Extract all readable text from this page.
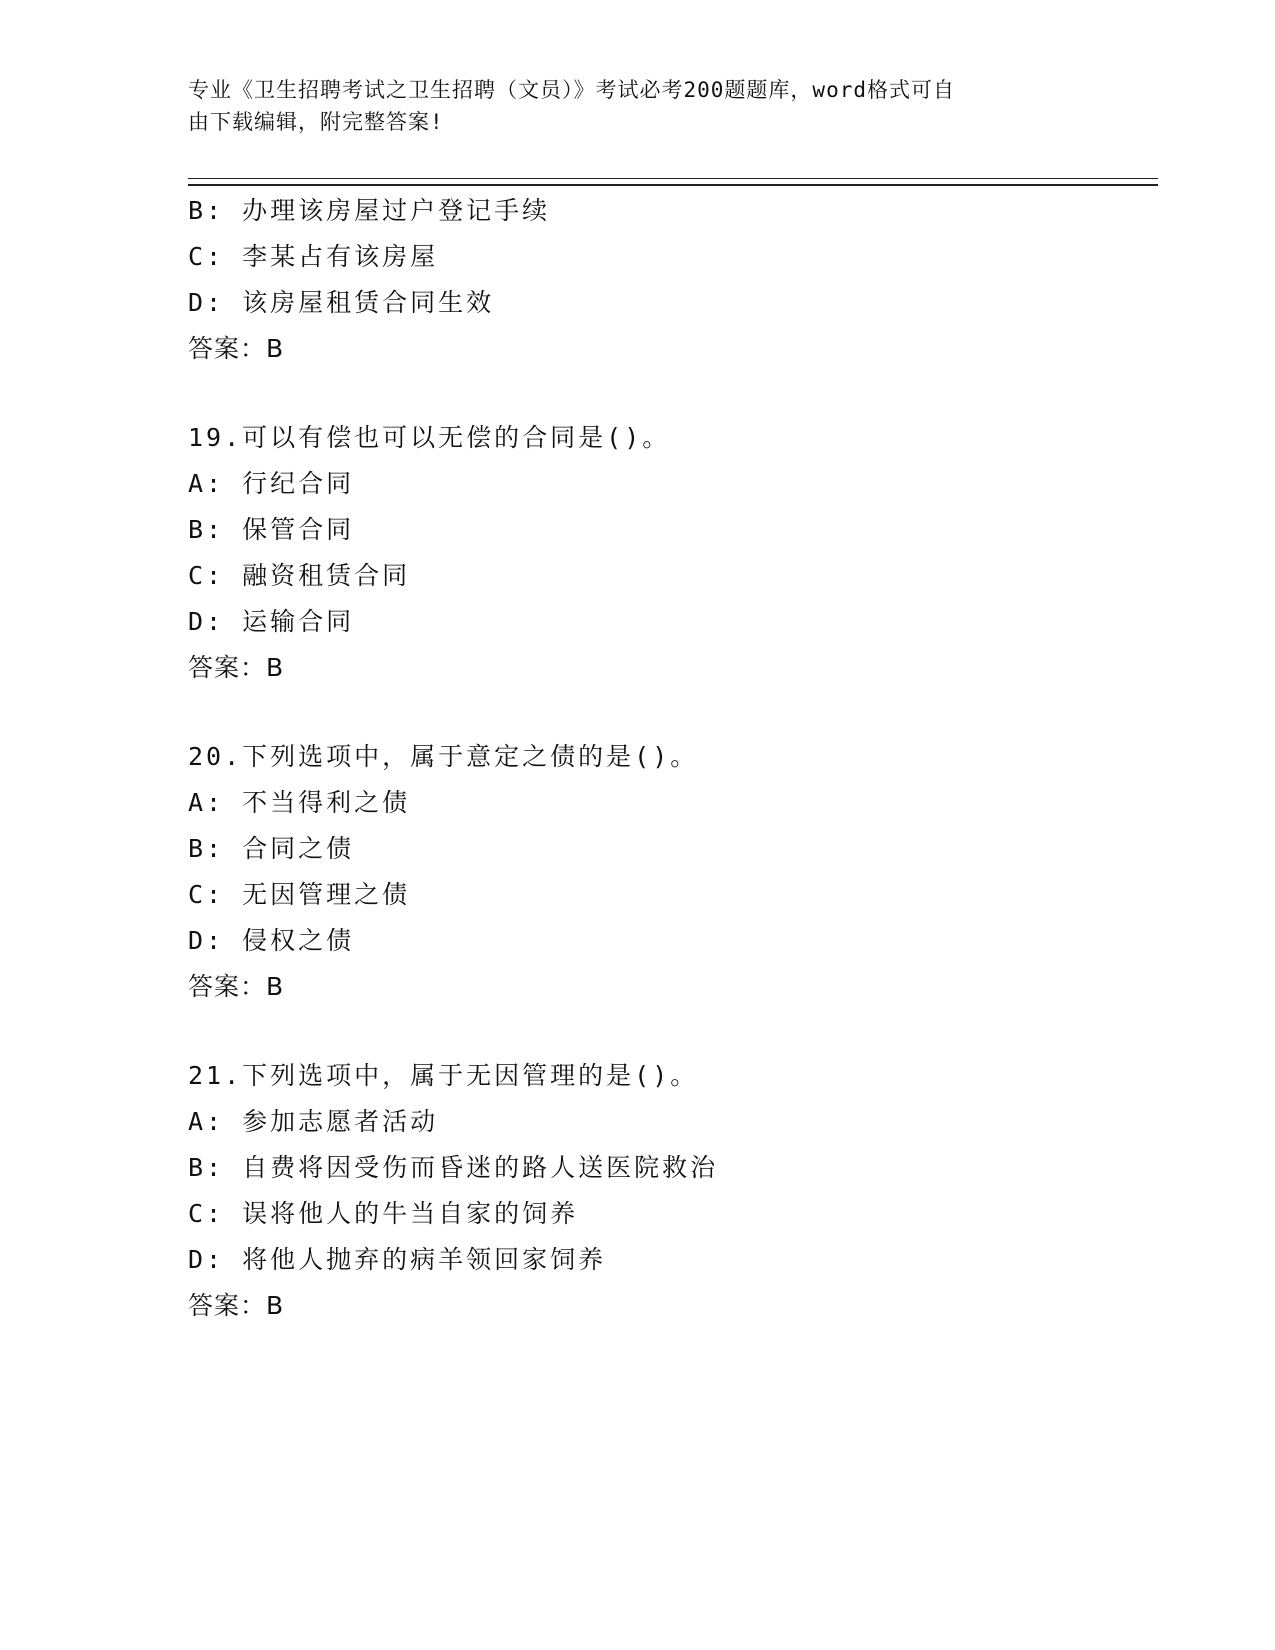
专业《卫生招聘考试之卫生招聘（文员）》考试必考200题题库，word格式可自
由下载编辑，附完整答案!
B: 办理该房屋过户登记手续
C: 李某占有该房屋
D: 该房屋租赁合同生效
答案：B
19.可以有偿也可以无偿的合同是()。
A: 行纪合同
B: 保管合同
C: 融资租赁合同
D: 运输合同
答案：B
20.下列选项中，属于意定之债的是()。
A: 不当得利之债
B: 合同之债
C: 无因管理之债
D: 侵权之债
答案：B
21.下列选项中，属于无因管理的是()。
A: 参加志愿者活动
B: 自费将因受伤而昏迷的路人送医院救治
C: 误将他人的牛当自家的饲养
D: 将他人抛弃的病羊领回家饲养
答案：B
